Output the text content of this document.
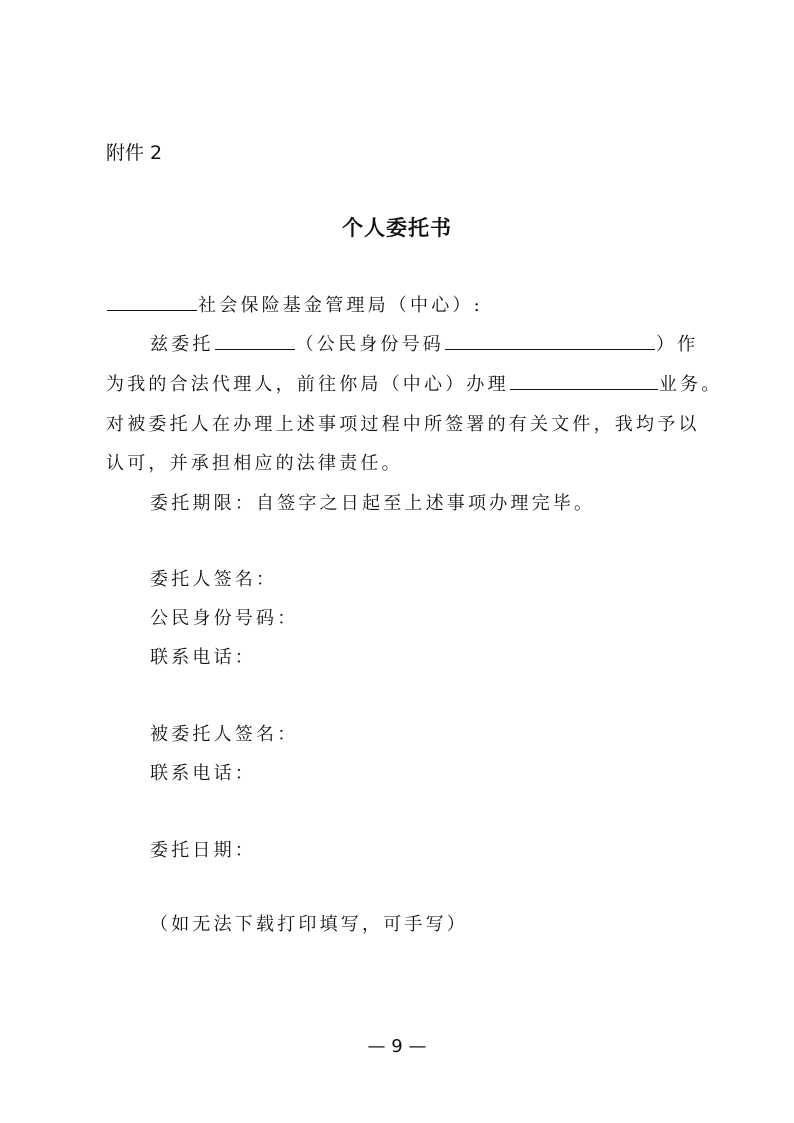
附件 2
个人委托书
社会保险基金管理局（中心）:
兹委托	（公民身份号码	）作
为我的合法代理人，前往你局（中心）办理	业务。
对被委托人在办理上述事项过程中所签署的有关文件，我均予以
认可，并承担相应的法律责任。
委托期限：自签字之日起至上述事项办理完毕。
委托人签名：
公民身份号码：
联系电话：
被委托人签名：
联系电话：
委托日期：
（如无法下载打印填写，可手写）
— 9 —
